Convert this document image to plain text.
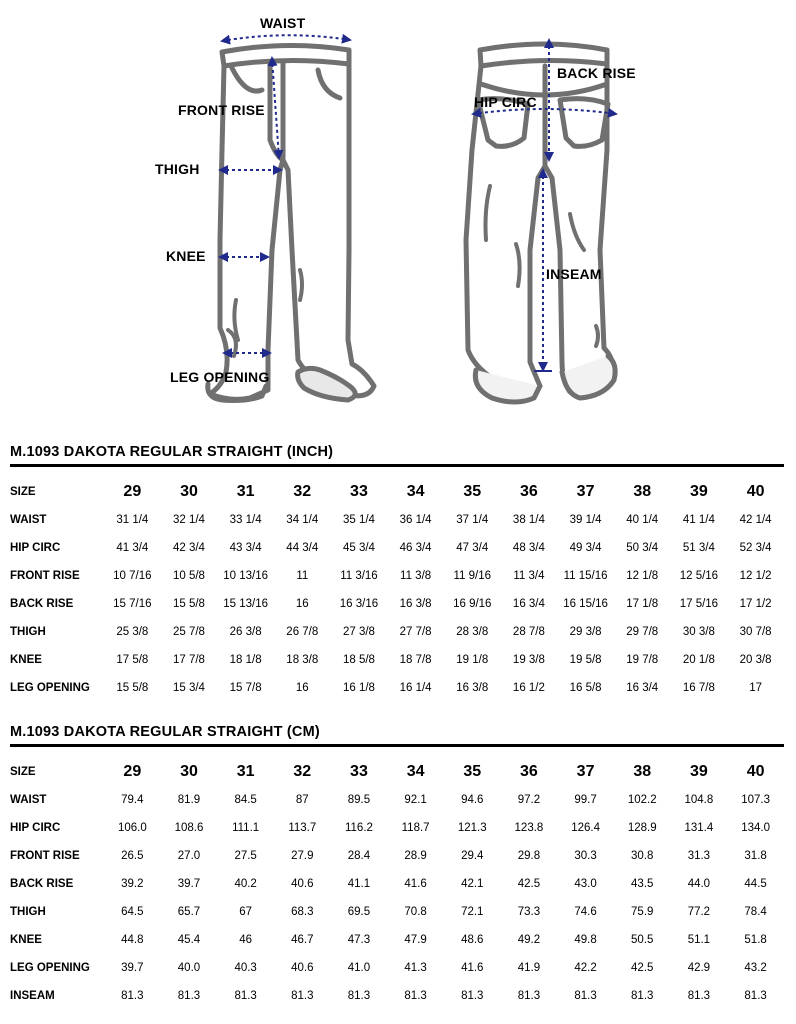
WAIST
FRONT RISE
THIGH
KNEE
LEG OPENING
BACK RISE
HIP CIRC
INSEAM
M.1093 DAKOTA REGULAR STRAIGHT (INCH)
SIZE	29	30	31	32	33	34	35	36	37	38	39	40
WAIST	31 1/4	32 1/4	33 1/4	34 1/4	35 1/4	36 1/4	37 1/4	38 1/4	39 1/4	40 1/4	41 1/4	42 1/4
HIP CIRC	41 3/4	42 3/4	43 3/4	44 3/4	45 3/4	46 3/4	47 3/4	48 3/4	49 3/4	50 3/4	51 3/4	52 3/4
FRONT RISE	10 7/16	10 5/8	10 13/16	11	11 3/16	11 3/8	11 9/16	11 3/4	11 15/16	12 1/8	12 5/16	12 1/2
BACK RISE	15 7/16	15 5/8	15 13/16	16	16 3/16	16 3/8	16 9/16	16 3/4	16 15/16	17 1/8	17 5/16	17 1/2
THIGH	25 3/8	25 7/8	26 3/8	26 7/8	27 3/8	27 7/8	28 3/8	28 7/8	29 3/8	29 7/8	30 3/8	30 7/8
KNEE	17 5/8	17 7/8	18 1/8	18 3/8	18 5/8	18 7/8	19 1/8	19 3/8	19 5/8	19 7/8	20 1/8	20 3/8
LEG OPENING	15 5/8	15 3/4	15 7/8	16	16 1/8	16 1/4	16 3/8	16 1/2	16 5/8	16 3/4	16 7/8	17
M.1093 DAKOTA REGULAR STRAIGHT (CM)
SIZE	29	30	31	32	33	34	35	36	37	38	39	40
WAIST	79.4	81.9	84.5	87	89.5	92.1	94.6	97.2	99.7	102.2	104.8	107.3
HIP CIRC	106.0	108.6	111.1	113.7	116.2	118.7	121.3	123.8	126.4	128.9	131.4	134.0
FRONT RISE	26.5	27.0	27.5	27.9	28.4	28.9	29.4	29.8	30.3	30.8	31.3	31.8
BACK RISE	39.2	39.7	40.2	40.6	41.1	41.6	42.1	42.5	43.0	43.5	44.0	44.5
THIGH	64.5	65.7	67	68.3	69.5	70.8	72.1	73.3	74.6	75.9	77.2	78.4
KNEE	44.8	45.4	46	46.7	47.3	47.9	48.6	49.2	49.8	50.5	51.1	51.8
LEG OPENING	39.7	40.0	40.3	40.6	41.0	41.3	41.6	41.9	42.2	42.5	42.9	43.2
INSEAM	81.3	81.3	81.3	81.3	81.3	81.3	81.3	81.3	81.3	81.3	81.3	81.3
